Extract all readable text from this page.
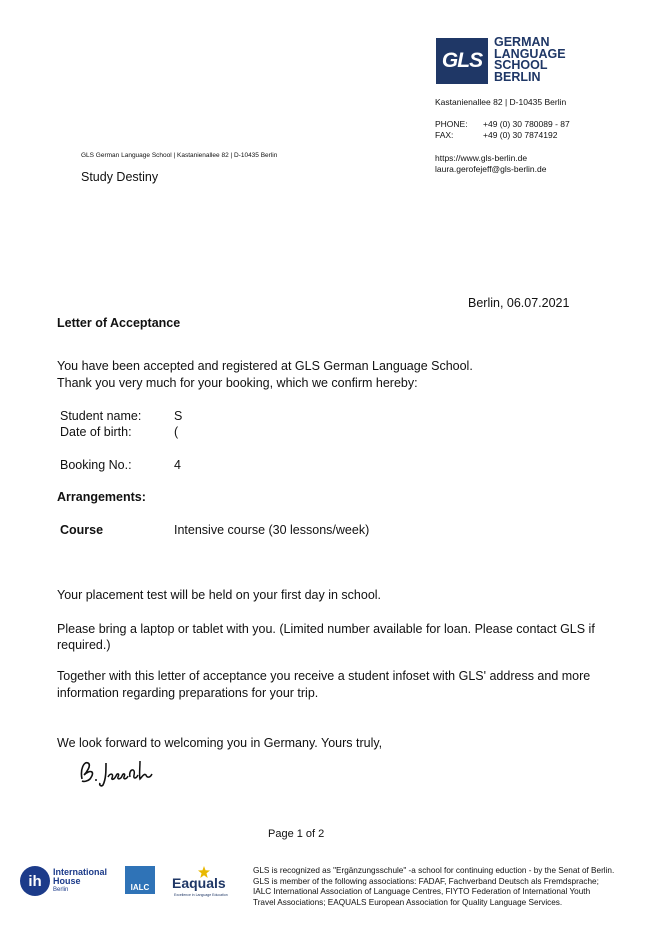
GLS
GERMAN
LANGUAGE
SCHOOL
BERLIN
Kastanienallee 82 | D-10435 Berlin
PHONE: +49 (0) 30 780089 - 87
FAX:	+49 (0) 30 7874192
https://www.gls-berlin.de
laura.gerofejeff@gls-berlin.de
GLS German Language School | Kastanienallee 82 | D-10435 Berlin
Study Destiny
Berlin, 06.07.2021
Letter of Acceptance
You have been accepted and registered at GLS German Language School.
Thank you very much for your booking, which we confirm hereby:
Student name:	S
Date of birth:	(
Booking No.:	4
Arrangements:
Course	Intensive course (30 lessons/week)
Your placement test will be held on your first day in school.
Please bring a laptop or tablet with you. (Limited number available for loan. Please contact GLS if
required.)
Together with this letter of acceptance you receive a student infoset with GLS' address and more
information regarding preparations for your trip.
We look forward to welcoming you in Germany. Yours truly,
Page 1 of 2
ih
International
House
Berlin	IALC	Eaquals
Excellence in Language Education
GLS is recognized as "Ergänzungsschule" -a school for continuing eduction - by the Senat of Berlin.
GLS is member of the following associations: FADAF, Fachverband Deutsch als Fremdsprache;
IALC International Association of Language Centres, FIYTO Federation of International Youth
Travel Associations; EAQUALS European Association for Quality Language Services.
